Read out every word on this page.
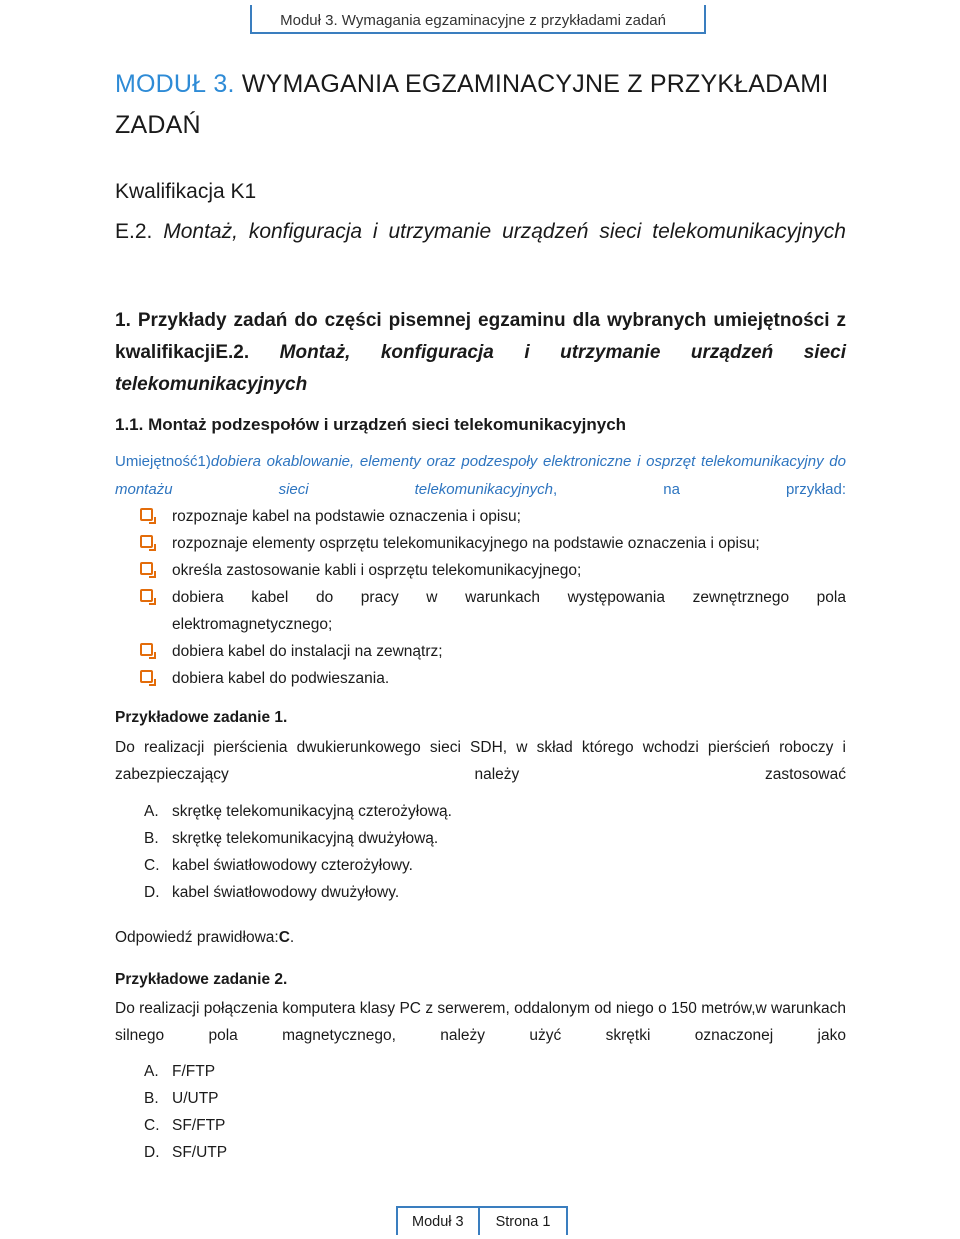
Moduł 3. Wymagania egzaminacyjne z przykładami zadań
MODUŁ 3. WYMAGANIA EGZAMINACYJNE Z PRZYKŁADAMI ZADAŃ
Kwalifikacja K1
E.2. Montaż, konfiguracja i utrzymanie urządzeń sieci telekomunikacyjnych
1. Przykłady zadań do części pisemnej egzaminu dla wybranych umiejętności z kwalifikacjiE.2. Montaż, konfiguracja i utrzymanie urządzeń sieci telekomunikacyjnych
1.1. Montaż podzespołów i urządzeń sieci telekomunikacyjnych
Umiejętność1)dobiera okablowanie, elementy oraz podzespoły elektroniczne i osprzęt telekomunikacyjny do montażu sieci telekomunikacyjnych, na przykład:
rozpoznaje kabel na podstawie oznaczenia i opisu;
rozpoznaje elementy osprzętu telekomunikacyjnego na podstawie oznaczenia i opisu;
określa zastosowanie kabli i osprzętu telekomunikacyjnego;
dobiera kabel do pracy w warunkach występowania zewnętrznego pola
elektromagnetycznego;
dobiera kabel do instalacji na zewnątrz;
dobiera kabel do podwieszania.
Przykładowe zadanie 1.
Do realizacji pierścienia dwukierunkowego sieci SDH, w skład którego wchodzi pierścień roboczy i zabezpieczający należy zastosować
A. skrętkę telekomunikacyjną czterożyłową.
B. skrętkę telekomunikacyjną dwużyłową.
C. kabel światłowodowy czterożyłowy.
D. kabel światłowodowy dwużyłowy.
Odpowiedź prawidłowa:C.
Przykładowe zadanie 2.
Do realizacji połączenia komputera klasy PC z serwerem, oddalonym od niego o 150 metrów,w warunkach silnego pola magnetycznego, należy użyć skrętki oznaczonej jako
A. F/FTP
B. U/UTP
C. SF/FTP
D. SF/UTP
Moduł 3	Strona 1
